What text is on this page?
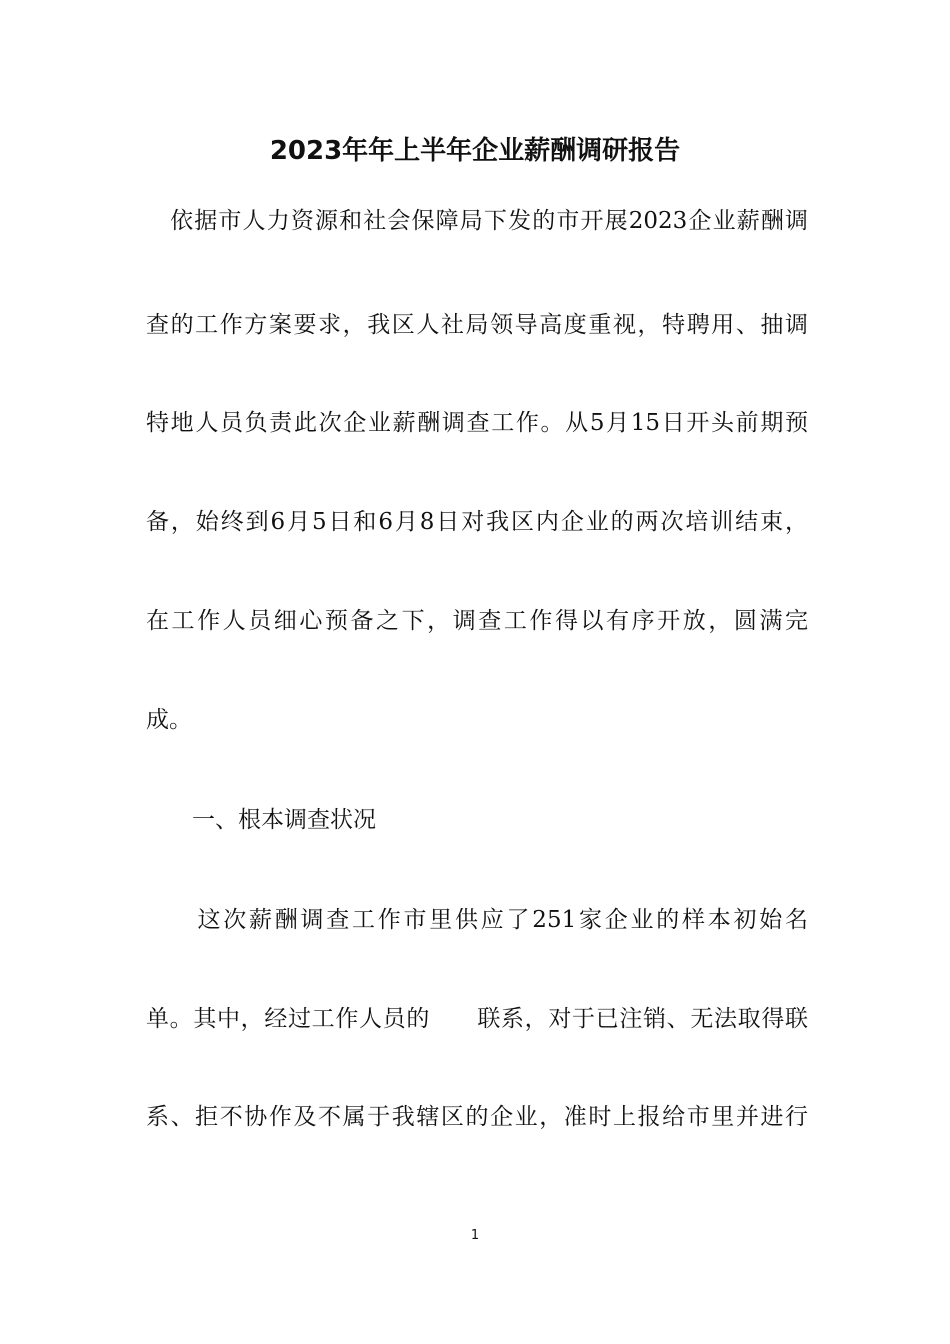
2023年年上半年企业薪酬调研报告

　依据市人力资源和社会保障局下发的市开展2023企业薪酬调

查的工作方案要求，我区人社局领导高度重视，特聘用、抽调

特地人员负责此次企业薪酬调查工作。从5月15日开头前期预

备，始终到6月5日和6月8日对我区内企业的两次培训结束，

在工作人员细心预备之下，调查工作得以有序开放，圆满完

成。

　　一、根本调查状况

　　这次薪酬调查工作市里供应了251家企业的样本初始名

单。其中，经过工作人员的　　联系，对于已注销、无法取得联

系、拒不协作及不属于我辖区的企业，准时上报给市里并进行

1
